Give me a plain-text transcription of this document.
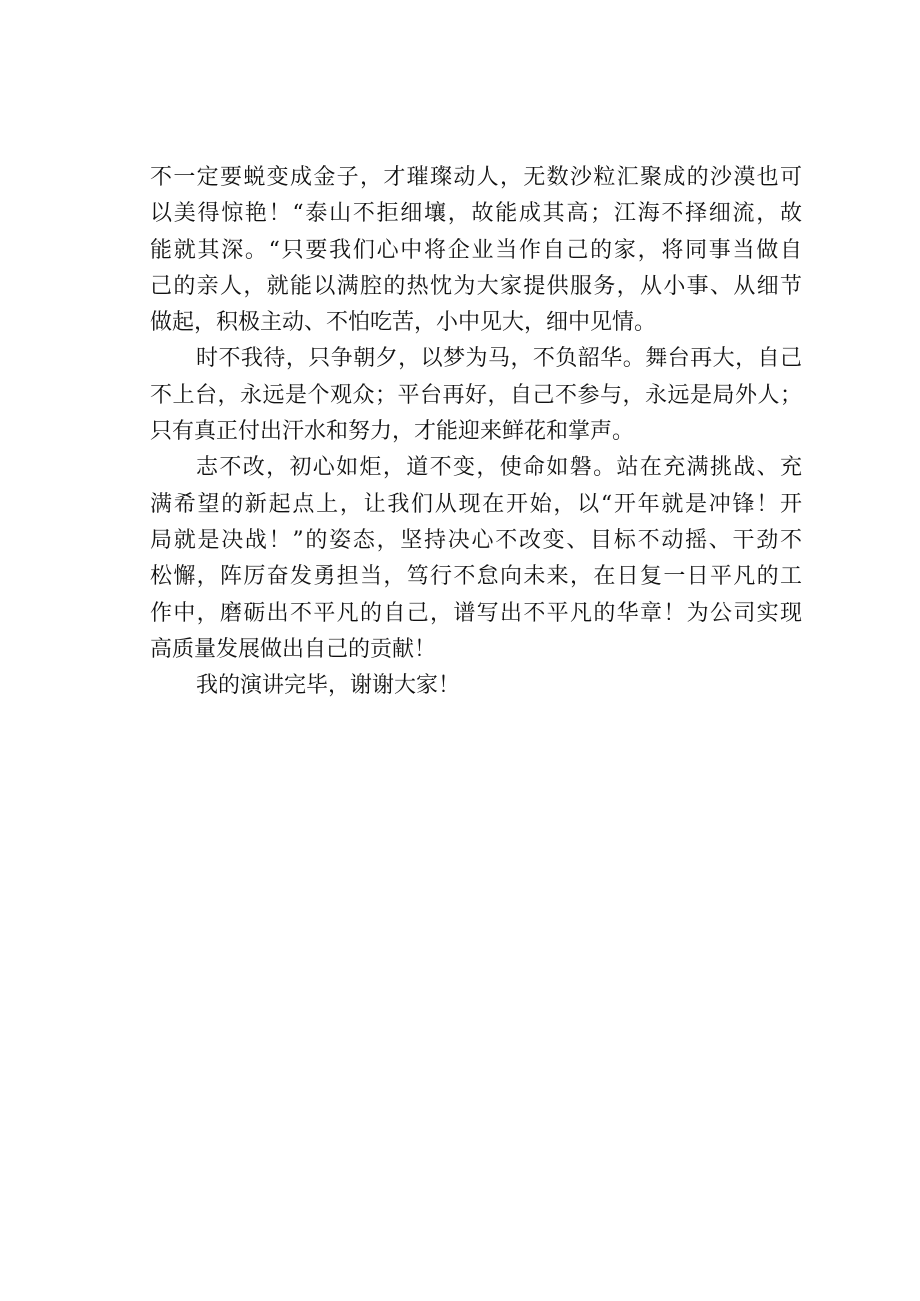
不一定要蜕变成金子，才璀璨动人，无数沙粒汇聚成的沙漠也可
以美得惊艳！“泰山不拒细壤，故能成其高；江海不择细流，故
能就其深。“只要我们心中将企业当作自己的家，将同事当做自
己的亲人，就能以满腔的热忱为大家提供服务，从小事、从细节
做起，积极主动、不怕吃苦，小中见大，细中见情。
时不我待，只争朝夕，以梦为马，不负韶华。舞台再大，自己
不上台，永远是个观众；平台再好，自己不参与，永远是局外人；
只有真正付出汗水和努力，才能迎来鲜花和掌声。
志不改，初心如炬，道不变，使命如磐。站在充满挑战、充
满希望的新起点上，让我们从现在开始，以“开年就是冲锋！开
局就是决战！”的姿态，坚持决心不改变、目标不动摇、干劲不
松懈，阵厉奋发勇担当，笃行不怠向未来，在日复一日平凡的工
作中，磨砺出不平凡的自己，谱写出不平凡的华章！为公司实现
高质量发展做出自己的贡献！
我的演讲完毕，谢谢大家！
